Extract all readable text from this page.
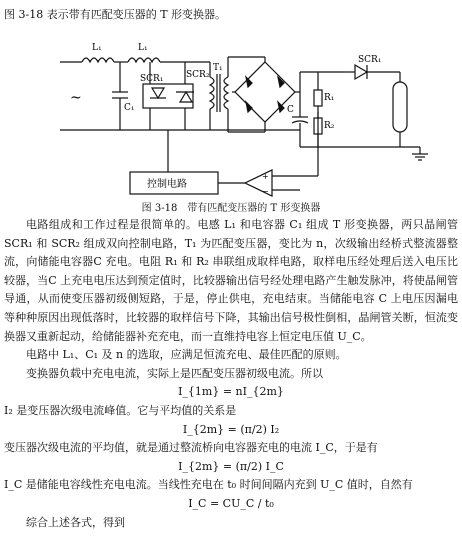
图 3-18 表示带有匹配变压器的 T 形变换器。
~
L₁	L₁
C₁
SCR₁	SCR₂
T₁
SCR₁
R₁
R₂
C
控制电路
+
−
图 3-18　带有匹配变压器的 T 形变换器

电路组成和工作过程是很简单的。电感 L₁ 和电容器 C₁ 组成 T 形变换器，两只晶闸管 SCR₁ 和 SCR₂ 组成双向控制电路，T₁ 为匹配变压器，变比为 n，次级输出经桥式整流器整流，向储能电容器C 充电。电阻 R₁ 和 R₂ 串联组成取样电路，取样电压经处理后送入电压比较器，当C 上充电电压达到预定值时，比较器输出信号经处理电路产生触发脉冲，将使晶闸管导通，从而使变压器初级侧短路，于是，停止供电，充电结束。当储能电容 C 上电压因漏电等种种原因出现低落时，比较器的取样信号下降，其输出信号极性倒相，晶闸管关断，恒流变换器又重新起动，给储能器补充充电，而一直维持电容上恒定电压值 U_C。

电路中 L₁、C₁ 及 n 的选取，应满足恒流充电、最佳匹配的原则。

变换器负载中充电电流，实际上是匹配变压器初级电流。所以

I_{1m} = nI_{2m}

I₂ 是变压器次级电流峰值。它与平均值的关系是

I_{2m} = (π/2) I₂

变压器次级电流的平均值，就是通过整流桥向电容器充电的电流 I_C，于是有

I_{2m} = (π/2) I_C

I_C 是储能电容线性充电电流。当线性充电在 t₀ 时间间隔内充到 U_C 值时，自然有

I_C = CU_C / t₀

综合上述各式，得到
